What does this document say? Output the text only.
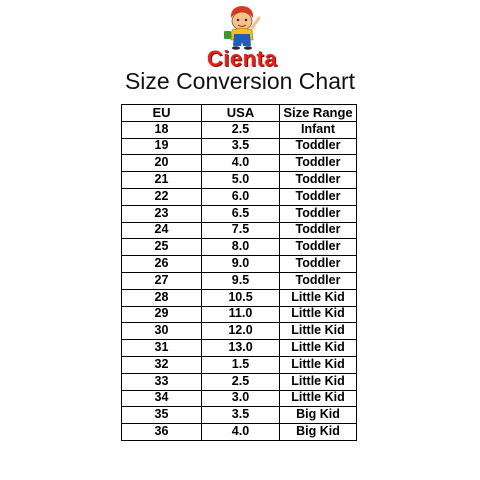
Cienta
Size Conversion Chart
EU	USA	Size Range
18	2.5	Infant
19	3.5	Toddler
20	4.0	Toddler
21	5.0	Toddler
22	6.0	Toddler
23	6.5	Toddler
24	7.5	Toddler
25	8.0	Toddler
26	9.0	Toddler
27	9.5	Toddler
28	10.5	Little Kid
29	11.0	Little Kid
30	12.0	Little Kid
31	13.0	Little Kid
32	1.5	Little Kid
33	2.5	Little Kid
34	3.0	Little Kid
35	3.5	Big Kid
36	4.0	Big Kid
